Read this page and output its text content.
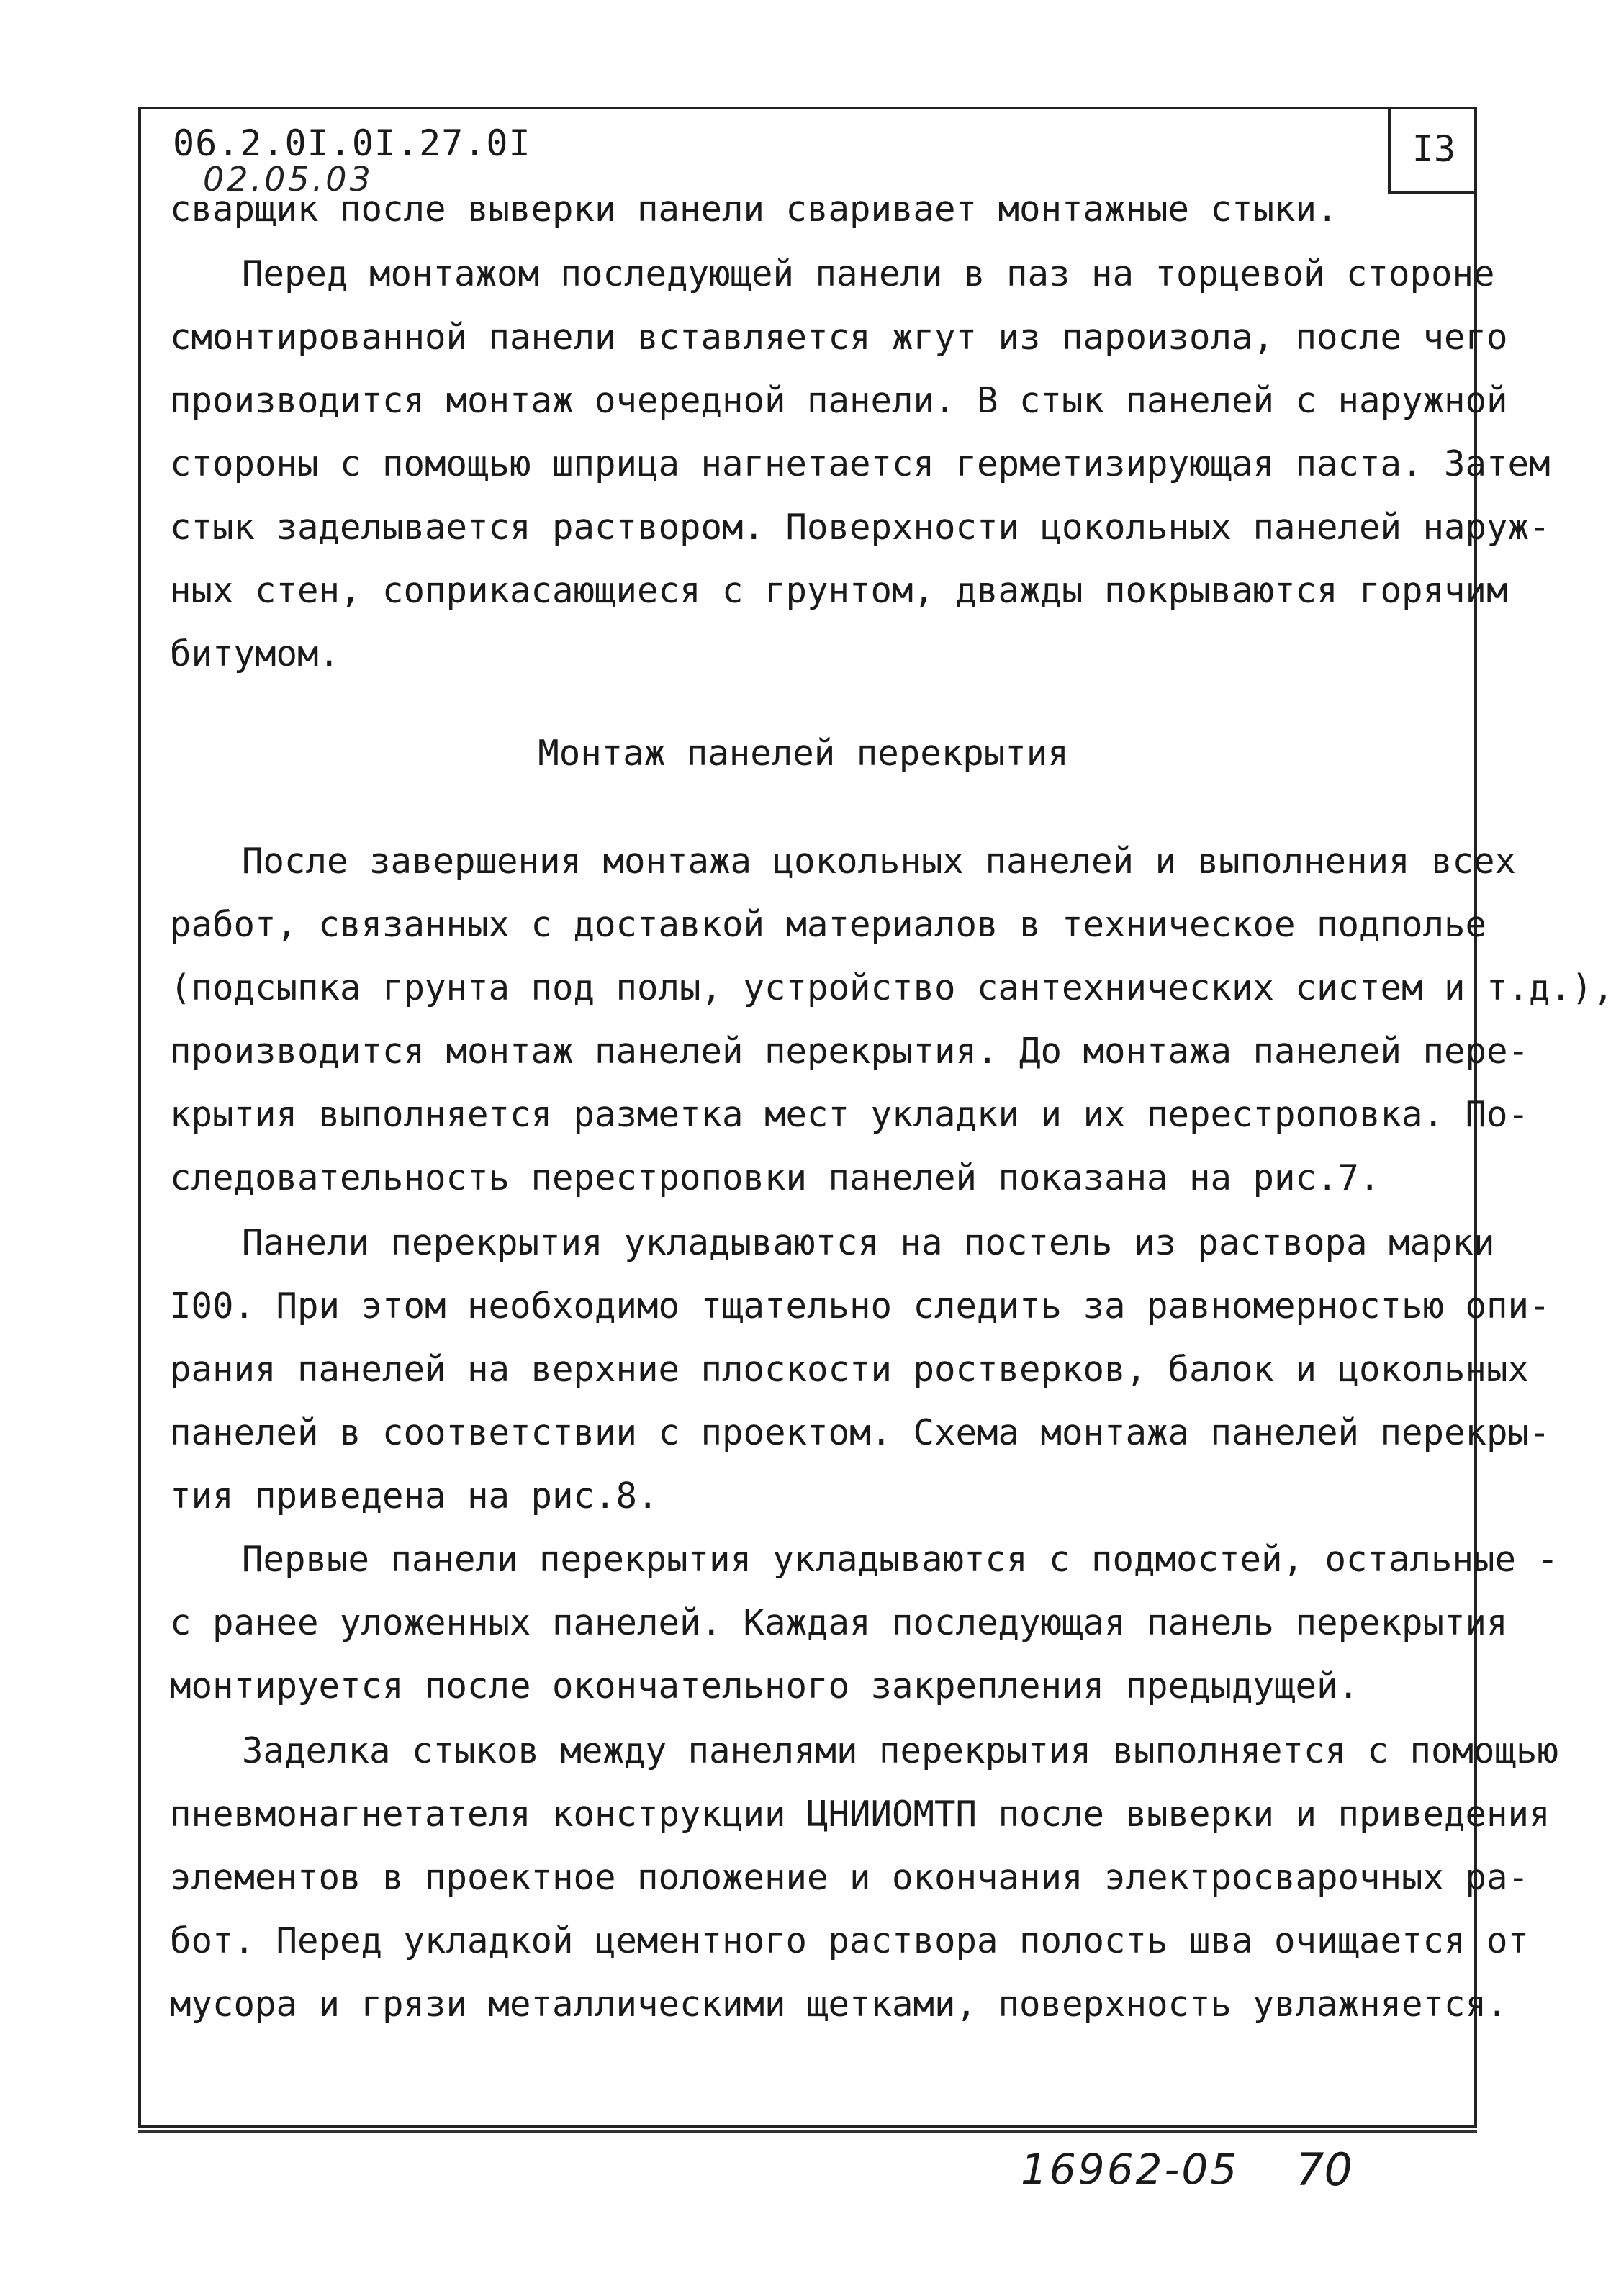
06.2.0I.0I.27.0I
02.05.03
I3
сварщик после выверки панели сваривает монтажные стыки.
Перед монтажом последующей панели в паз на торцевой стороне
смонтированной панели вставляется жгут из пароизола, после чего
производится монтаж очередной панели. В стык панелей с наружной
стороны с помощью шприца нагнетается герметизирующая паста. Затем
стык заделывается раствором. Поверхности цокольных панелей наруж-
ных стен, соприкасающиеся с грунтом, дважды покрываются горячим
битумом.
Монтаж панелей перекрытия
После завершения монтажа цокольных панелей и выполнения всех
работ, связанных с доставкой материалов в техническое подполье
(подсыпка грунта под полы, устройство сантехнических систем и т.д.),
производится монтаж панелей перекрытия. До монтажа панелей пере-
крытия выполняется разметка мест укладки и их перестроповка. По-
следовательность перестроповки панелей показана на рис.7.
Панели перекрытия укладываются на постель из раствора марки
I00. При этом необходимо тщательно следить за равномерностью опи-
рания панелей на верхние плоскости ростверков, балок и цокольных
панелей в соответствии с проектом. Схема монтажа панелей перекры-
тия приведена на рис.8.
Первые панели перекрытия укладываются с подмостей, остальные -
с ранее уложенных панелей. Каждая последующая панель перекрытия
монтируется после окончательного закрепления предыдущей.
Заделка стыков между панелями перекрытия выполняется с помощью
пневмонагнетателя конструкции ЦНИИОМТП после выверки и приведения
элементов в проектное положение и окончания электросварочных ра-
бот. Перед укладкой цементного раствора полость шва очищается от
мусора и грязи металлическими щетками, поверхность увлажняется.
16962-05 70
